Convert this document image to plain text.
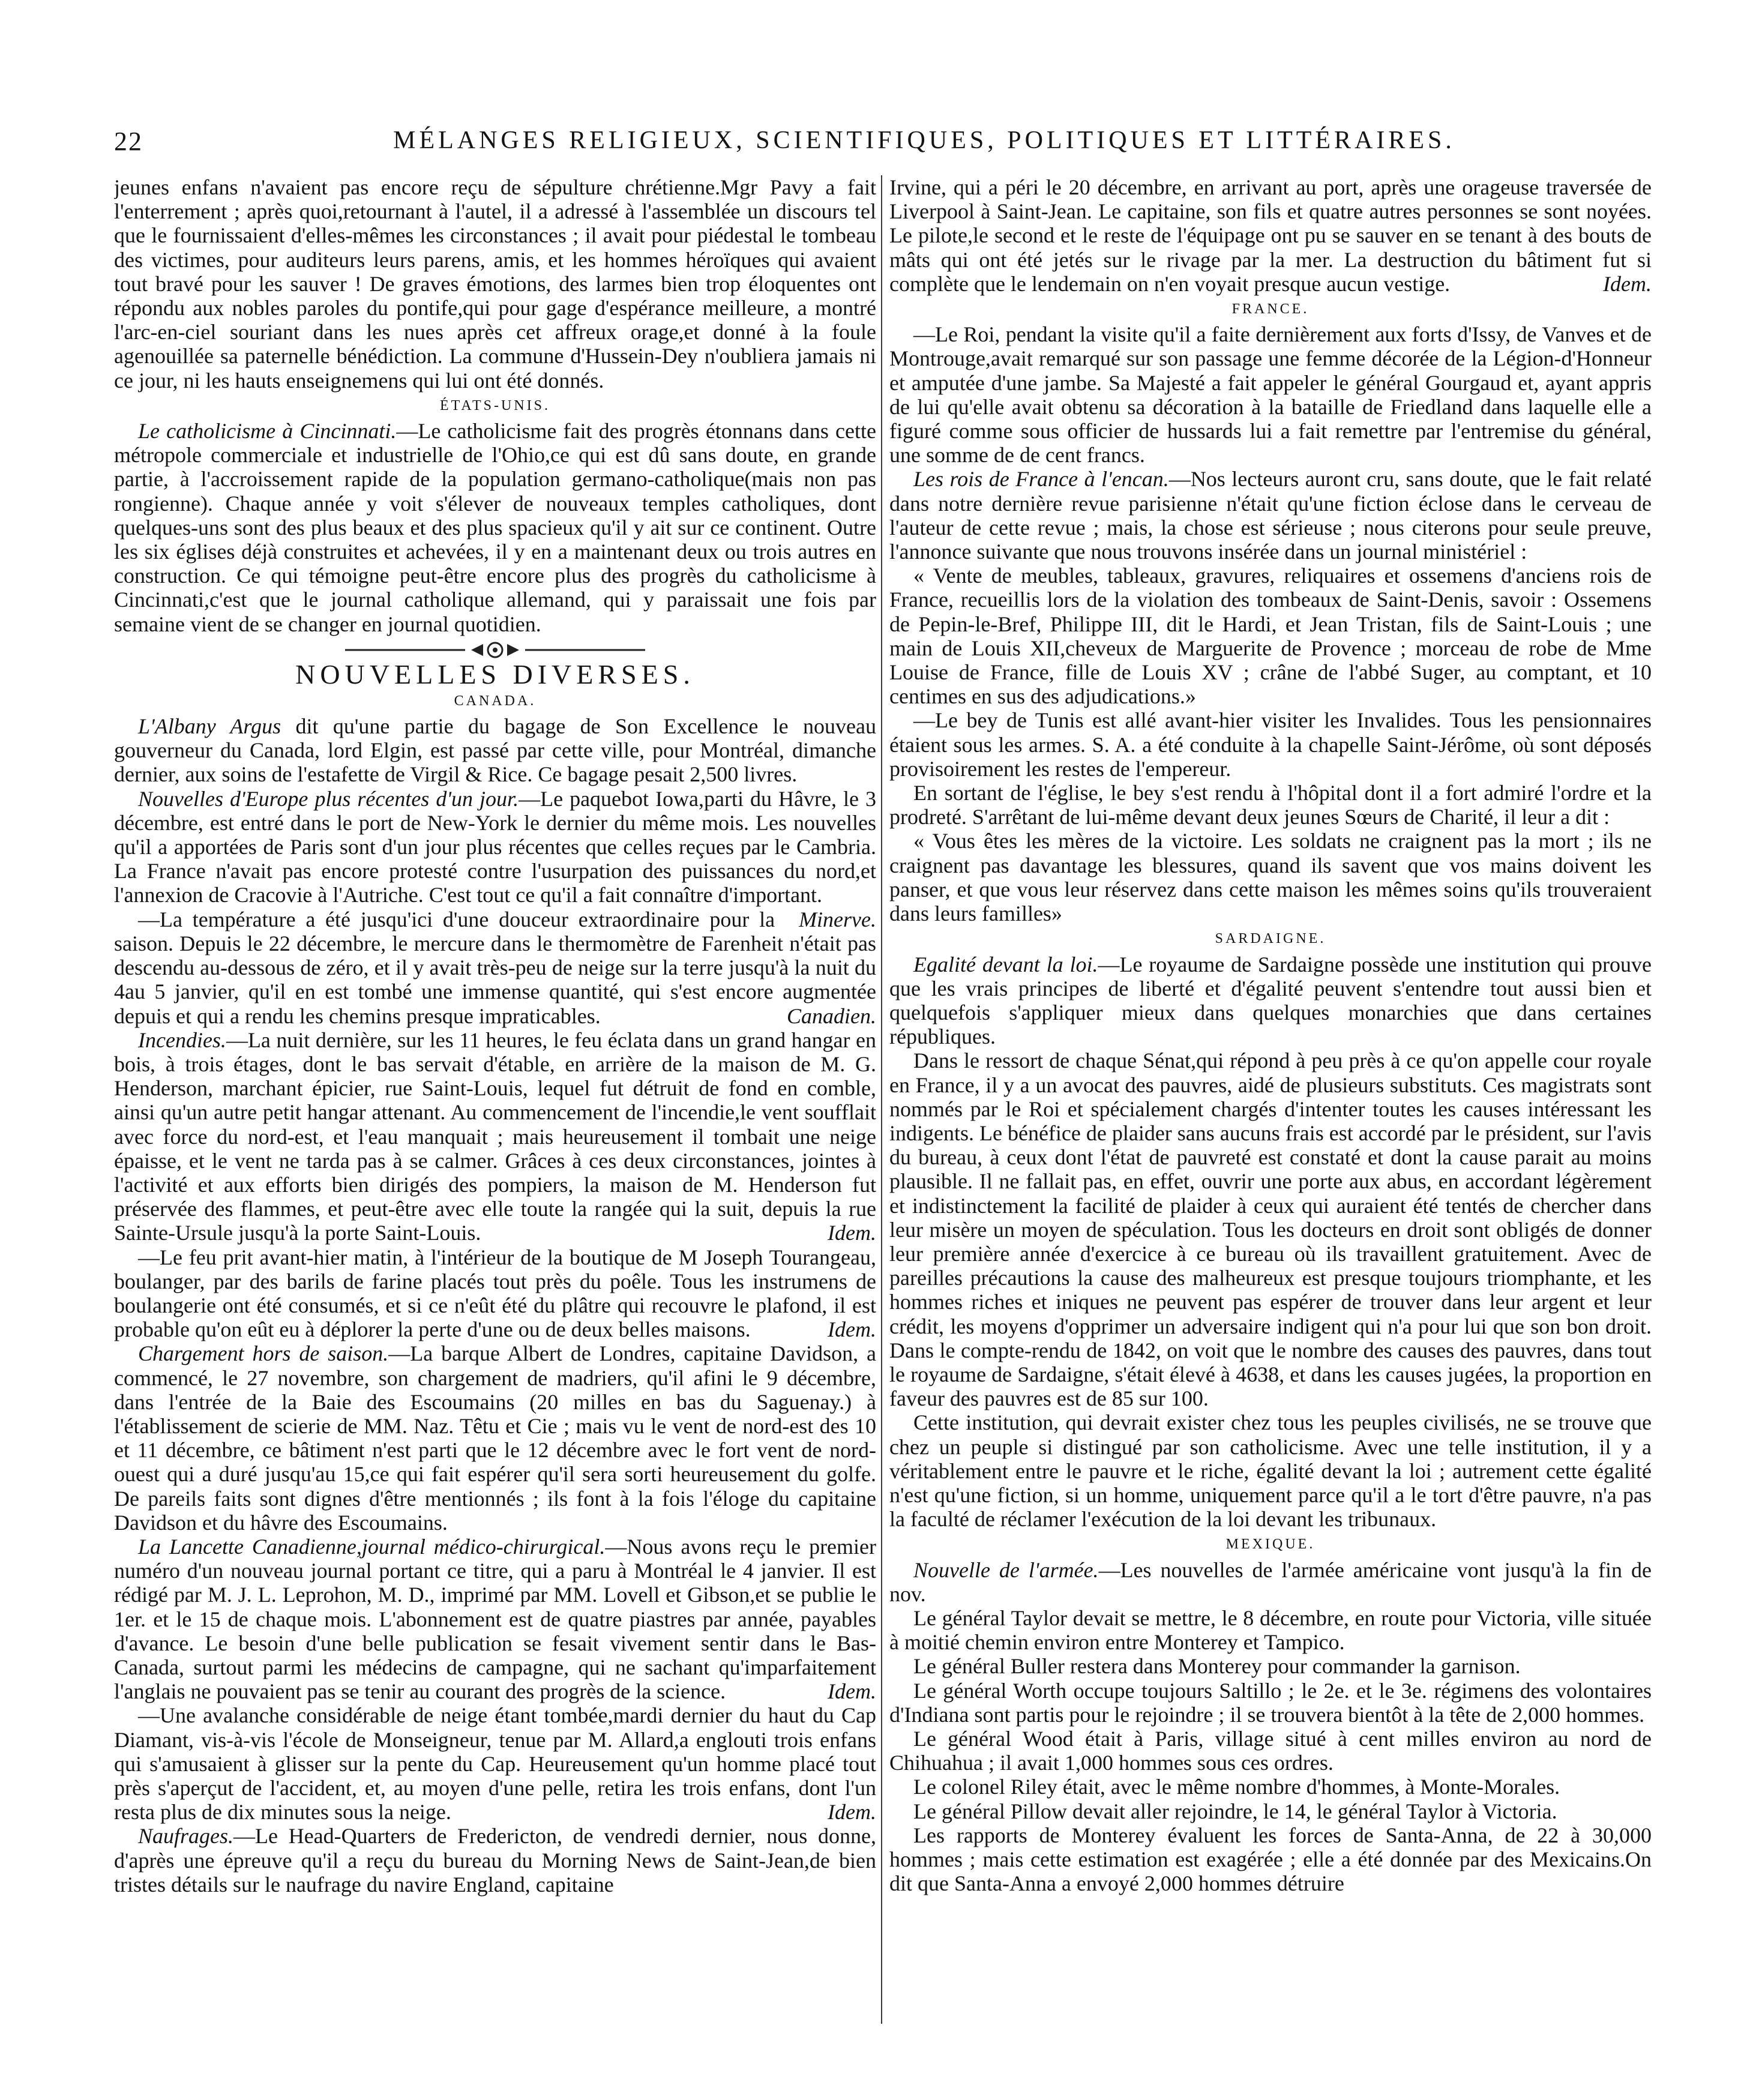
22	MÉLANGES RELIGIEUX, SCIENTIFIQUES, POLITIQUES ET LITTÉRAIRES.

jeunes enfans n'avaient pas encore reçu de sépulture chrétienne.Mgr Pavy a fait l'enterrement ; après quoi,retournant à l'autel, il a adressé à l'assemblée un discours tel que le fournissaient d'elles-mêmes les circonstances ; il avait pour piédestal le tombeau des victimes, pour auditeurs leurs parens, amis, et les hommes héroïques qui avaient tout bravé pour les sauver ! De graves émotions, des larmes bien trop éloquentes ont répondu aux nobles paroles du pontife,qui pour gage d'espérance meilleure, a montré l'arc-en-ciel souriant dans les nues après cet affreux orage,et donné à la foule agenouillée sa paternelle bénédiction. La commune d'Hussein-Dey n'oubliera jamais ni ce jour, ni les hauts enseignemens qui lui ont été donnés.

ÉTATS-UNIS.

Le catholicisme à Cincinnati.—Le catholicisme fait des progrès étonnans dans cette métropole commerciale et industrielle de l'Ohio,ce qui est dû sans doute, en grande partie, à l'accroissement rapide de la population germano-catholique(mais non pas rongienne). Chaque année y voit s'élever de nouveaux temples catholiques, dont quelques-uns sont des plus beaux et des plus spacieux qu'il y ait sur ce continent. Outre les six églises déjà construites et achevées, il y en a maintenant deux ou trois autres en construction. Ce qui témoigne peut-être encore plus des progrès du catholicisme à Cincinnati,c'est que le journal catholique allemand, qui y paraissait une fois par semaine vient de se changer en journal quotidien.

NOUVELLES DIVERSES.
CANADA.

L'Albany Argus dit qu'une partie du bagage de Son Excellence le nouveau gouverneur du Canada, lord Elgin, est passé par cette ville, pour Montréal, dimanche dernier, aux soins de l'estafette de Virgil & Rice. Ce bagage pesait 2,500 livres.

Nouvelles d'Europe plus récentes d'un jour.—Le paquebot Iowa,parti du Hâvre, le 3 décembre, est entré dans le port de New-York le dernier du même mois. Les nouvelles qu'il a apportées de Paris sont d'un jour plus récentes que celles reçues par le Cambria. La France n'avait pas encore protesté contre l'usurpation des puissances du nord,et l'annexion de Cracovie à l'Autriche. C'est tout ce qu'il a fait connaître d'important.
Minerve.

—La température a été jusqu'ici d'une douceur extraordinaire pour la saison. Depuis le 22 décembre, le mercure dans le thermomètre de Farenheit n'était pas descendu au-dessous de zéro, et il y avait très-peu de neige sur la terre jusqu'à la nuit du 4au 5 janvier, qu'il en est tombé une immense quantité, qui s'est encore augmentée depuis et qui a rendu les chemins presque impraticables.	Canadien.

Incendies.—La nuit dernière, sur les 11 heures, le feu éclata dans un grand hangar en bois, à trois étages, dont le bas servait d'étable, en arrière de la maison de M. G. Henderson, marchant épicier, rue Saint-Louis, lequel fut détruit de fond en comble, ainsi qu'un autre petit hangar attenant. Au commencement de l'incendie,le vent soufflait avec force du nord-est, et l'eau manquait ; mais heureusement il tombait une neige épaisse, et le vent ne tarda pas à se calmer. Grâces à ces deux circonstances, jointes à l'activité et aux efforts bien dirigés des pompiers, la maison de M. Henderson fut préservée des flammes, et peut-être avec elle toute la rangée qui la suit, depuis la rue Sainte-Ursule jusqu'à la porte Saint-Louis.	Idem.

—Le feu prit avant-hier matin, à l'intérieur de la boutique de M Joseph Tourangeau, boulanger, par des barils de farine placés tout près du poêle. Tous les instrumens de boulangerie ont été consumés, et si ce n'eût été du plâtre qui recouvre le plafond, il est probable qu'on eût eu à déplorer la perte d'une ou de deux belles maisons.	Idem.

Chargement hors de saison.—La barque Albert de Londres, capitaine Davidson, a commencé, le 27 novembre, son chargement de madriers, qu'il afini le 9 décembre, dans l'entrée de la Baie des Escoumains (20 milles en bas du Saguenay.) à l'établissement de scierie de MM. Naz. Têtu et Cie ; mais vu le vent de nord-est des 10 et 11 décembre, ce bâtiment n'est parti que le 12 décembre avec le fort vent de nord-ouest qui a duré jusqu'au 15,ce qui fait espérer qu'il sera sorti heureusement du golfe. De pareils faits sont dignes d'être mentionnés ; ils font à la fois l'éloge du capitaine Davidson et du hâvre des Escoumains.

La Lancette Canadienne,journal médico-chirurgical.—Nous avons reçu le premier numéro d'un nouveau journal portant ce titre, qui a paru à Montréal le 4 janvier. Il est rédigé par M. J. L. Leprohon, M. D., imprimé par MM. Lovell et Gibson,et se publie le 1er. et le 15 de chaque mois. L'abonnement est de quatre piastres par année, payables d'avance. Le besoin d'une belle publication se fesait vivement sentir dans le Bas-Canada, surtout parmi les médecins de campagne, qui ne sachant qu'imparfaitement l'anglais ne pouvaient pas se tenir au courant des progrès de la science.	Idem.

—Une avalanche considérable de neige étant tombée,mardi dernier du haut du Cap Diamant, vis-à-vis l'école de Monseigneur, tenue par M. Allard,a englouti trois enfans qui s'amusaient à glisser sur la pente du Cap. Heureusement qu'un homme placé tout près s'aperçut de l'accident, et, au moyen d'une pelle, retira les trois enfans, dont l'un resta plus de dix minutes sous la neige.	Idem.

Naufrages.—Le Head-Quarters de Fredericton, de vendredi dernier, nous donne, d'après une épreuve qu'il a reçu du bureau du Morning News de Saint-Jean,de bien tristes détails sur le naufrage du navire England, capitaine

Irvine, qui a péri le 20 décembre, en arrivant au port, après une orageuse traversée de Liverpool à Saint-Jean. Le capitaine, son fils et quatre autres personnes se sont noyées. Le pilote,le second et le reste de l'équipage ont pu se sauver en se tenant à des bouts de mâts qui ont été jetés sur le rivage par la mer. La destruction du bâtiment fut si complète que le lendemain on n'en voyait presque aucun vestige.	Idem.

FRANCE.

—Le Roi, pendant la visite qu'il a faite dernièrement aux forts d'Issy, de Vanves et de Montrouge,avait remarqué sur son passage une femme décorée de la Légion-d'Honneur et amputée d'une jambe. Sa Majesté a fait appeler le général Gourgaud et, ayant appris de lui qu'elle avait obtenu sa décoration à la bataille de Friedland dans laquelle elle a figuré comme sous officier de hussards lui a fait remettre par l'entremise du général, une somme de de cent francs.

Les rois de France à l'encan.—Nos lecteurs auront cru, sans doute, que le fait relaté dans notre dernière revue parisienne n'était qu'une fiction éclose dans le cerveau de l'auteur de cette revue ; mais, la chose est sérieuse ; nous citerons pour seule preuve, l'annonce suivante que nous trouvons insérée dans un journal ministériel :

« Vente de meubles, tableaux, gravures, reliquaires et ossemens d'anciens rois de France, recueillis lors de la violation des tombeaux de Saint-Denis, savoir : Ossemens de Pepin-le-Bref, Philippe III, dit le Hardi, et Jean Tristan, fils de Saint-Louis ; une main de Louis XII,cheveux de Marguerite de Provence ; morceau de robe de Mme Louise de France, fille de Louis XV ; crâne de l'abbé Suger, au comptant, et 10 centimes en sus des adjudications.»

—Le bey de Tunis est allé avant-hier visiter les Invalides. Tous les pensionnaires étaient sous les armes. S. A. a été conduite à la chapelle Saint-Jérôme, où sont déposés provisoirement les restes de l'empereur.

En sortant de l'église, le bey s'est rendu à l'hôpital dont il a fort admiré l'ordre et la prodreté. S'arrêtant de lui-même devant deux jeunes Sœurs de Charité, il leur a dit :

« Vous êtes les mères de la victoire. Les soldats ne craignent pas la mort ; ils ne craignent pas davantage les blessures, quand ils savent que vos mains doivent les panser, et que vous leur réservez dans cette maison les mêmes soins qu'ils trouveraient dans leurs familles»

SARDAIGNE.

Egalité devant la loi.—Le royaume de Sardaigne possède une institution qui prouve que les vrais principes de liberté et d'égalité peuvent s'entendre tout aussi bien et quelquefois s'appliquer mieux dans quelques monarchies que dans certaines républiques.

Dans le ressort de chaque Sénat,qui répond à peu près à ce qu'on appelle cour royale en France, il y a un avocat des pauvres, aidé de plusieurs substituts. Ces magistrats sont nommés par le Roi et spécialement chargés d'intenter toutes les causes intéressant les indigents. Le bénéfice de plaider sans aucuns frais est accordé par le président, sur l'avis du bureau, à ceux dont l'état de pauvreté est constaté et dont la cause parait au moins plausible. Il ne fallait pas, en effet, ouvrir une porte aux abus, en accordant légèrement et indistinctement la facilité de plaider à ceux qui auraient été tentés de chercher dans leur misère un moyen de spéculation. Tous les docteurs en droit sont obligés de donner leur première année d'exercice à ce bureau où ils travaillent gratuitement. Avec de pareilles précautions la cause des malheureux est presque toujours triomphante, et les hommes riches et iniques ne peuvent pas espérer de trouver dans leur argent et leur crédit, les moyens d'opprimer un adversaire indigent qui n'a pour lui que son bon droit. Dans le compte-rendu de 1842, on voit que le nombre des causes des pauvres, dans tout le royaume de Sardaigne, s'était élevé à 4638, et dans les causes jugées, la proportion en faveur des pauvres est de 85 sur 100.

Cette institution, qui devrait exister chez tous les peuples civilisés, ne se trouve que chez un peuple si distingué par son catholicisme. Avec une telle institution, il y a véritablement entre le pauvre et le riche, égalité devant la loi ; autrement cette égalité n'est qu'une fiction, si un homme, uniquement parce qu'il a le tort d'être pauvre, n'a pas la faculté de réclamer l'exécution de la loi devant les tribunaux.

MEXIQUE.

Nouvelle de l'armée.—Les nouvelles de l'armée américaine vont jusqu'à la fin de nov.

Le général Taylor devait se mettre, le 8 décembre, en route pour Victoria, ville située à moitié chemin environ entre Monterey et Tampico.

Le général Buller restera dans Monterey pour commander la garnison.

Le général Worth occupe toujours Saltillo ; le 2e. et le 3e. régimens des volontaires d'Indiana sont partis pour le rejoindre ; il se trouvera bientôt à la tête de 2,000 hommes.

Le général Wood était à Paris, village situé à cent milles environ au nord de Chihuahua ; il avait 1,000 hommes sous ces ordres.

Le colonel Riley était, avec le même nombre d'hommes, à Monte-Morales.

Le général Pillow devait aller rejoindre, le 14, le général Taylor à Victoria.

Les rapports de Monterey évaluent les forces de Santa-Anna, de 22 à 30,000 hommes ; mais cette estimation est exagérée ; elle a été donnée par des Mexicains.On dit que Santa-Anna a envoyé 2,000 hommes détruire
